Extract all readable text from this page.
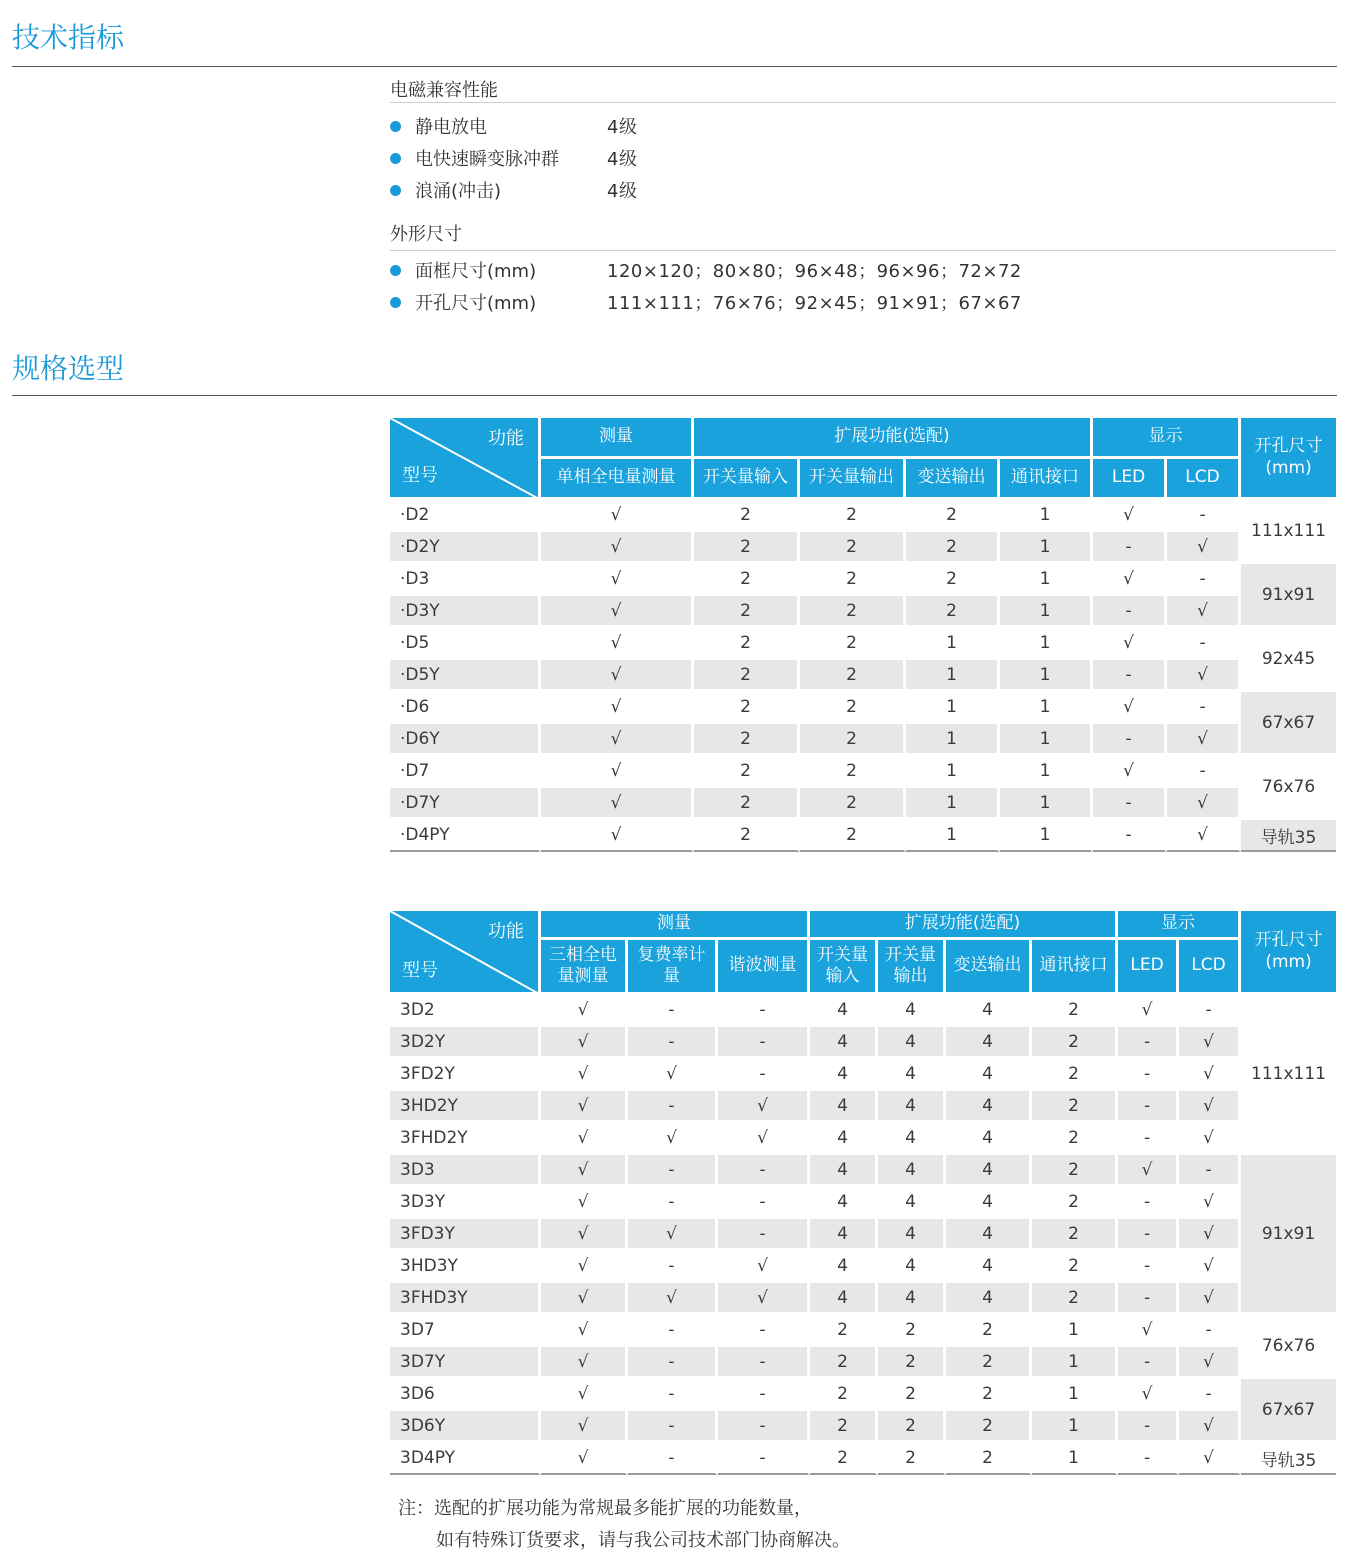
技术指标
电磁兼容性能
静电放电	4级
电快速瞬变脉冲群	4级
浪涌(冲击)	4级
外形尺寸
面框尺寸(mm)	120×120；80×80；96×48；96×96；72×72
开孔尺寸(mm)	111×111；76×76；92×45；91×91；67×67
规格选型
功能
型号	测量	扩展功能(选配)				显示		开孔尺寸(mm)
	单相全电量测量	开关量输入	开关量输出	变送输出	通讯接口	LED	LCD	
·D2	√	2	2	2	1	√	-	111x111
·D2Y	√	2	2	2	1	-	√	
·D3	√	2	2	2	1	√	-	91x91
·D3Y	√	2	2	2	1	-	√	
·D5	√	2	2	1	1	√	-	92x45
·D5Y	√	2	2	1	1	-	√	
·D6	√	2	2	1	1	√	-	67x67
·D6Y	√	2	2	1	1	-	√	
·D7	√	2	2	1	1	√	-	76x76
·D7Y	√	2	2	1	1	-	√	
·D4PY	√	2	2	1	1	-	√	导轨35
功能
型号	测量			扩展功能(选配)				显示		开孔尺寸(mm)
	三相全电量测量	复费率计量	谐波测量	开关量输入	开关量输出	变送输出	通讯接口	LED	LCD	
3D2	√	-	-	4	4	4	2	√	-	111x111
3D2Y	√	-	-	4	4	4	2	-	√	
3FD2Y	√	√	-	4	4	4	2	-	√	
3HD2Y	√	-	√	4	4	4	2	-	√	
3FHD2Y	√	√	√	4	4	4	2	-	√	
3D3	√	-	-	4	4	4	2	√	-	91x91
3D3Y	√	-	-	4	4	4	2	-	√	
3FD3Y	√	√	-	4	4	4	2	-	√	
3HD3Y	√	-	√	4	4	4	2	-	√	
3FHD3Y	√	√	√	4	4	4	2	-	√	
3D7	√	-	-	2	2	2	1	√	-	76x76
3D7Y	√	-	-	2	2	2	1	-	√	
3D6	√	-	-	2	2	2	1	√	-	67x67
3D6Y	√	-	-	2	2	2	1	-	√	
3D4PY	√	-	-	2	2	2	1	-	√	导轨35
注：选配的扩展功能为常规最多能扩展的功能数量，
如有特殊订货要求，请与我公司技术部门协商解决。
